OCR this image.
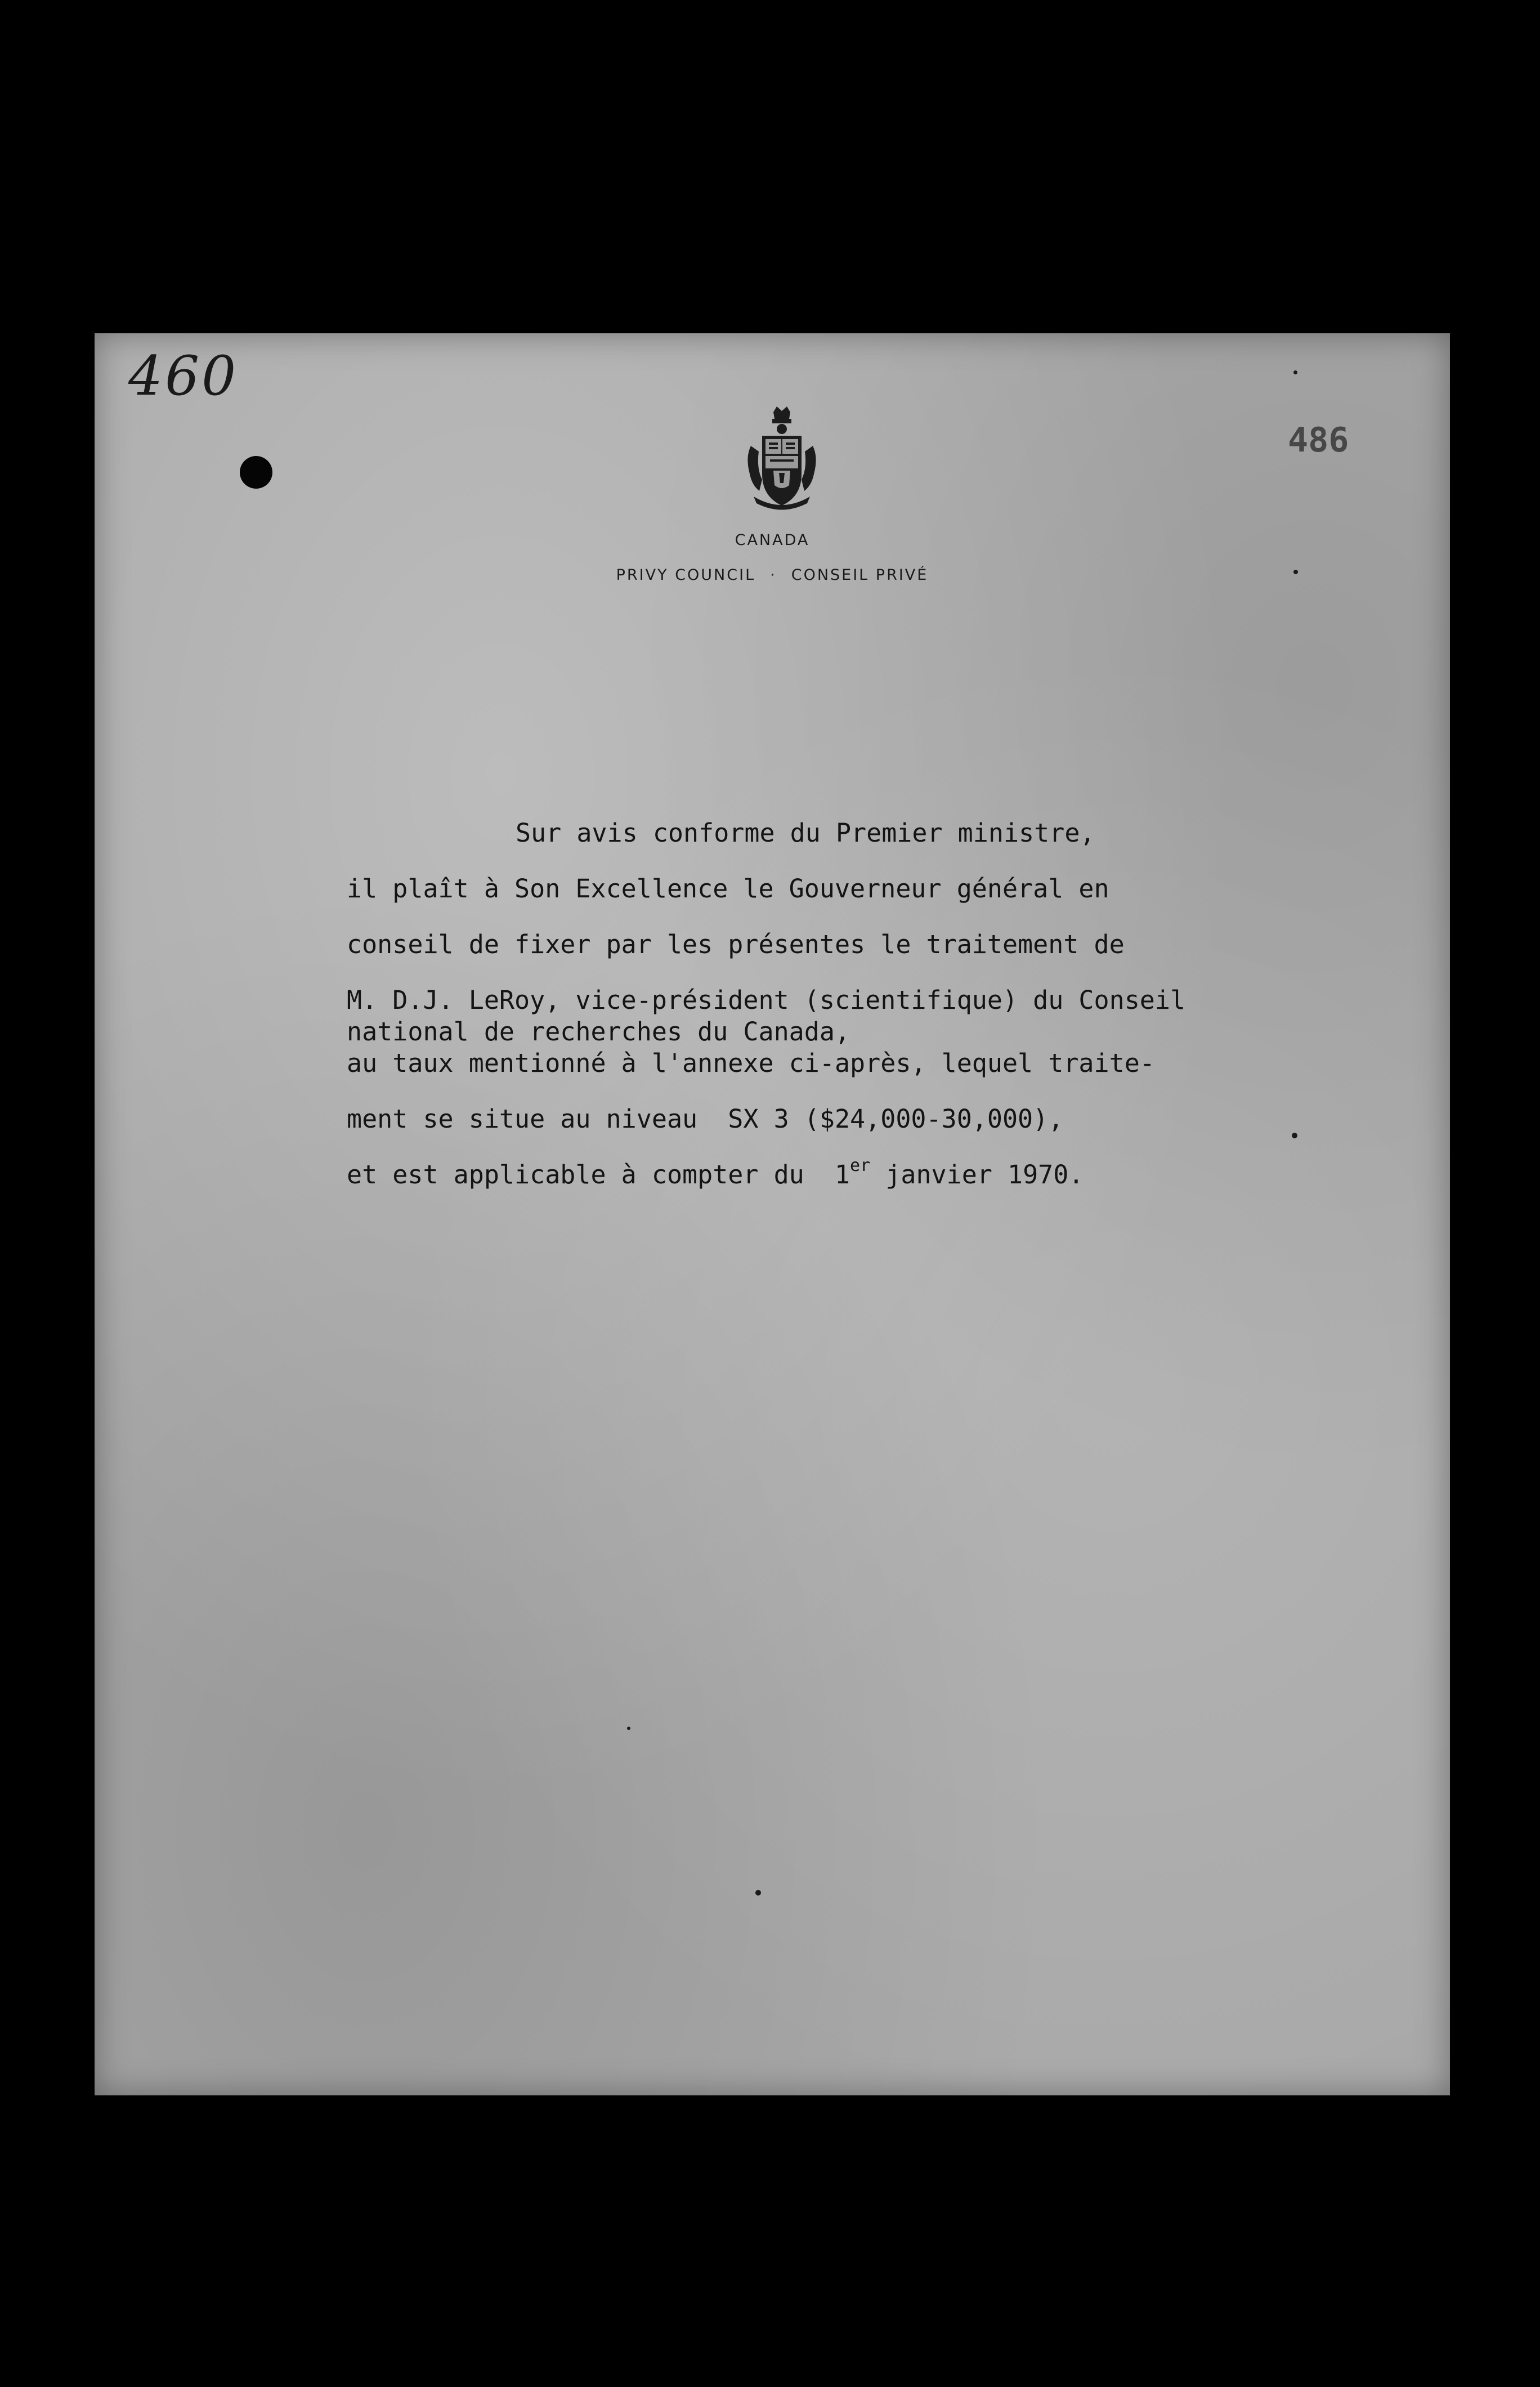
460
486
CANADA
PRIVY COUNCIL · CONSEIL PRIVÉ
Sur avis conforme du Premier ministre,
il plaît à Son Excellence le Gouverneur général en
conseil de fixer par les présentes le traitement de
M. D.J. LeRoy, vice-président (scientifique) du Conseil
national de recherches du Canada,
au taux mentionné à l'annexe ci-après, lequel traite-
ment se situe au niveau  SX 3 ($24,000-30,000),
et est applicable à compter du  1er janvier 1970.
